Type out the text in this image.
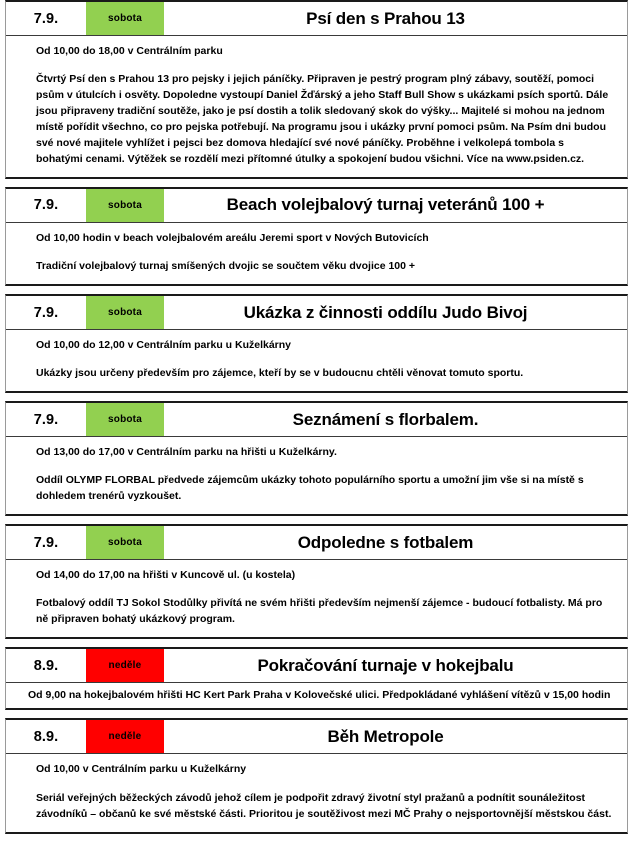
7.9.	sobota	Psí den s Prahou 13

Od 10,00 do 18,00 v Centrálním parku

Čtvrtý Psí den s Prahou 13 pro pejsky i jejich páníčky. Připraven je pestrý program plný zábavy, soutěží, pomoci psům v útulcích i osvěty. Dopoledne vystoupí Daniel Žďárský a jeho Staff Bull Show s ukázkami psích sportů. Dále jsou připraveny tradiční soutěže, jako je psí dostih a tolik sledovaný skok do výšky... Majitelé si mohou na jednom místě pořídit všechno, co pro pejska potřebují. Na programu jsou i ukázky první pomoci psům. Na Psím dni budou své nové majitele vyhlížet i pejsci bez domova hledající své nové páníčky. Proběhne i velkolepá tombola s bohatými cenami. Výtěžek se rozdělí mezi přítomné útulky a spokojení budou všichni. Více na www.psiden.cz.

7.9.	sobota	Beach volejbalový turnaj veteránů 100 +

Od 10,00 hodin v beach volejbalovém areálu Jeremi sport v Nových Butovicích

Tradiční volejbalový turnaj smíšených dvojic se součtem věku dvojice 100 +

7.9.	sobota	Ukázka z činnosti oddílu Judo Bivoj

Od 10,00 do 12,00 v Centrálním parku u Kuželkárny

Ukázky jsou určeny především pro zájemce, kteří by se v budoucnu chtěli věnovat tomuto sportu.

7.9.	sobota	Seznámení s florbalem.

Od 13,00 do 17,00 v Centrálním parku na hřišti u Kuželkárny.

Oddíl OLYMP FLORBAL předvede zájemcům ukázky tohoto populárního sportu a umožní jim vše si na místě s dohledem trenérů vyzkoušet.

7.9.	sobota	Odpoledne s fotbalem

Od 14,00 do 17,00 na hřišti v Kuncově ul. (u kostela)

Fotbalový oddíl TJ Sokol Stodůlky přivítá ne svém hřišti především nejmenší zájemce - budoucí fotbalisty. Má pro ně připraven bohatý ukázkový program.

8.9.	neděle	Pokračování turnaje v hokejbalu

Od 9,00 na hokejbalovém hřišti HC Kert Park Praha v Kolovečské ulici. Předpokládané vyhlášení vítězů v 15,00 hodin

8.9.	neděle	Běh Metropole

Od 10,00 v Centrálním parku u Kuželkárny

Seriál veřejných běžeckých závodů jehož cílem je podpořit zdravý životní styl pražanů a podnítit sounáležitost závodníků – občanů ke své městské části. Prioritou je soutěživost mezi MČ Prahy o nejsportovnější městskou část.
